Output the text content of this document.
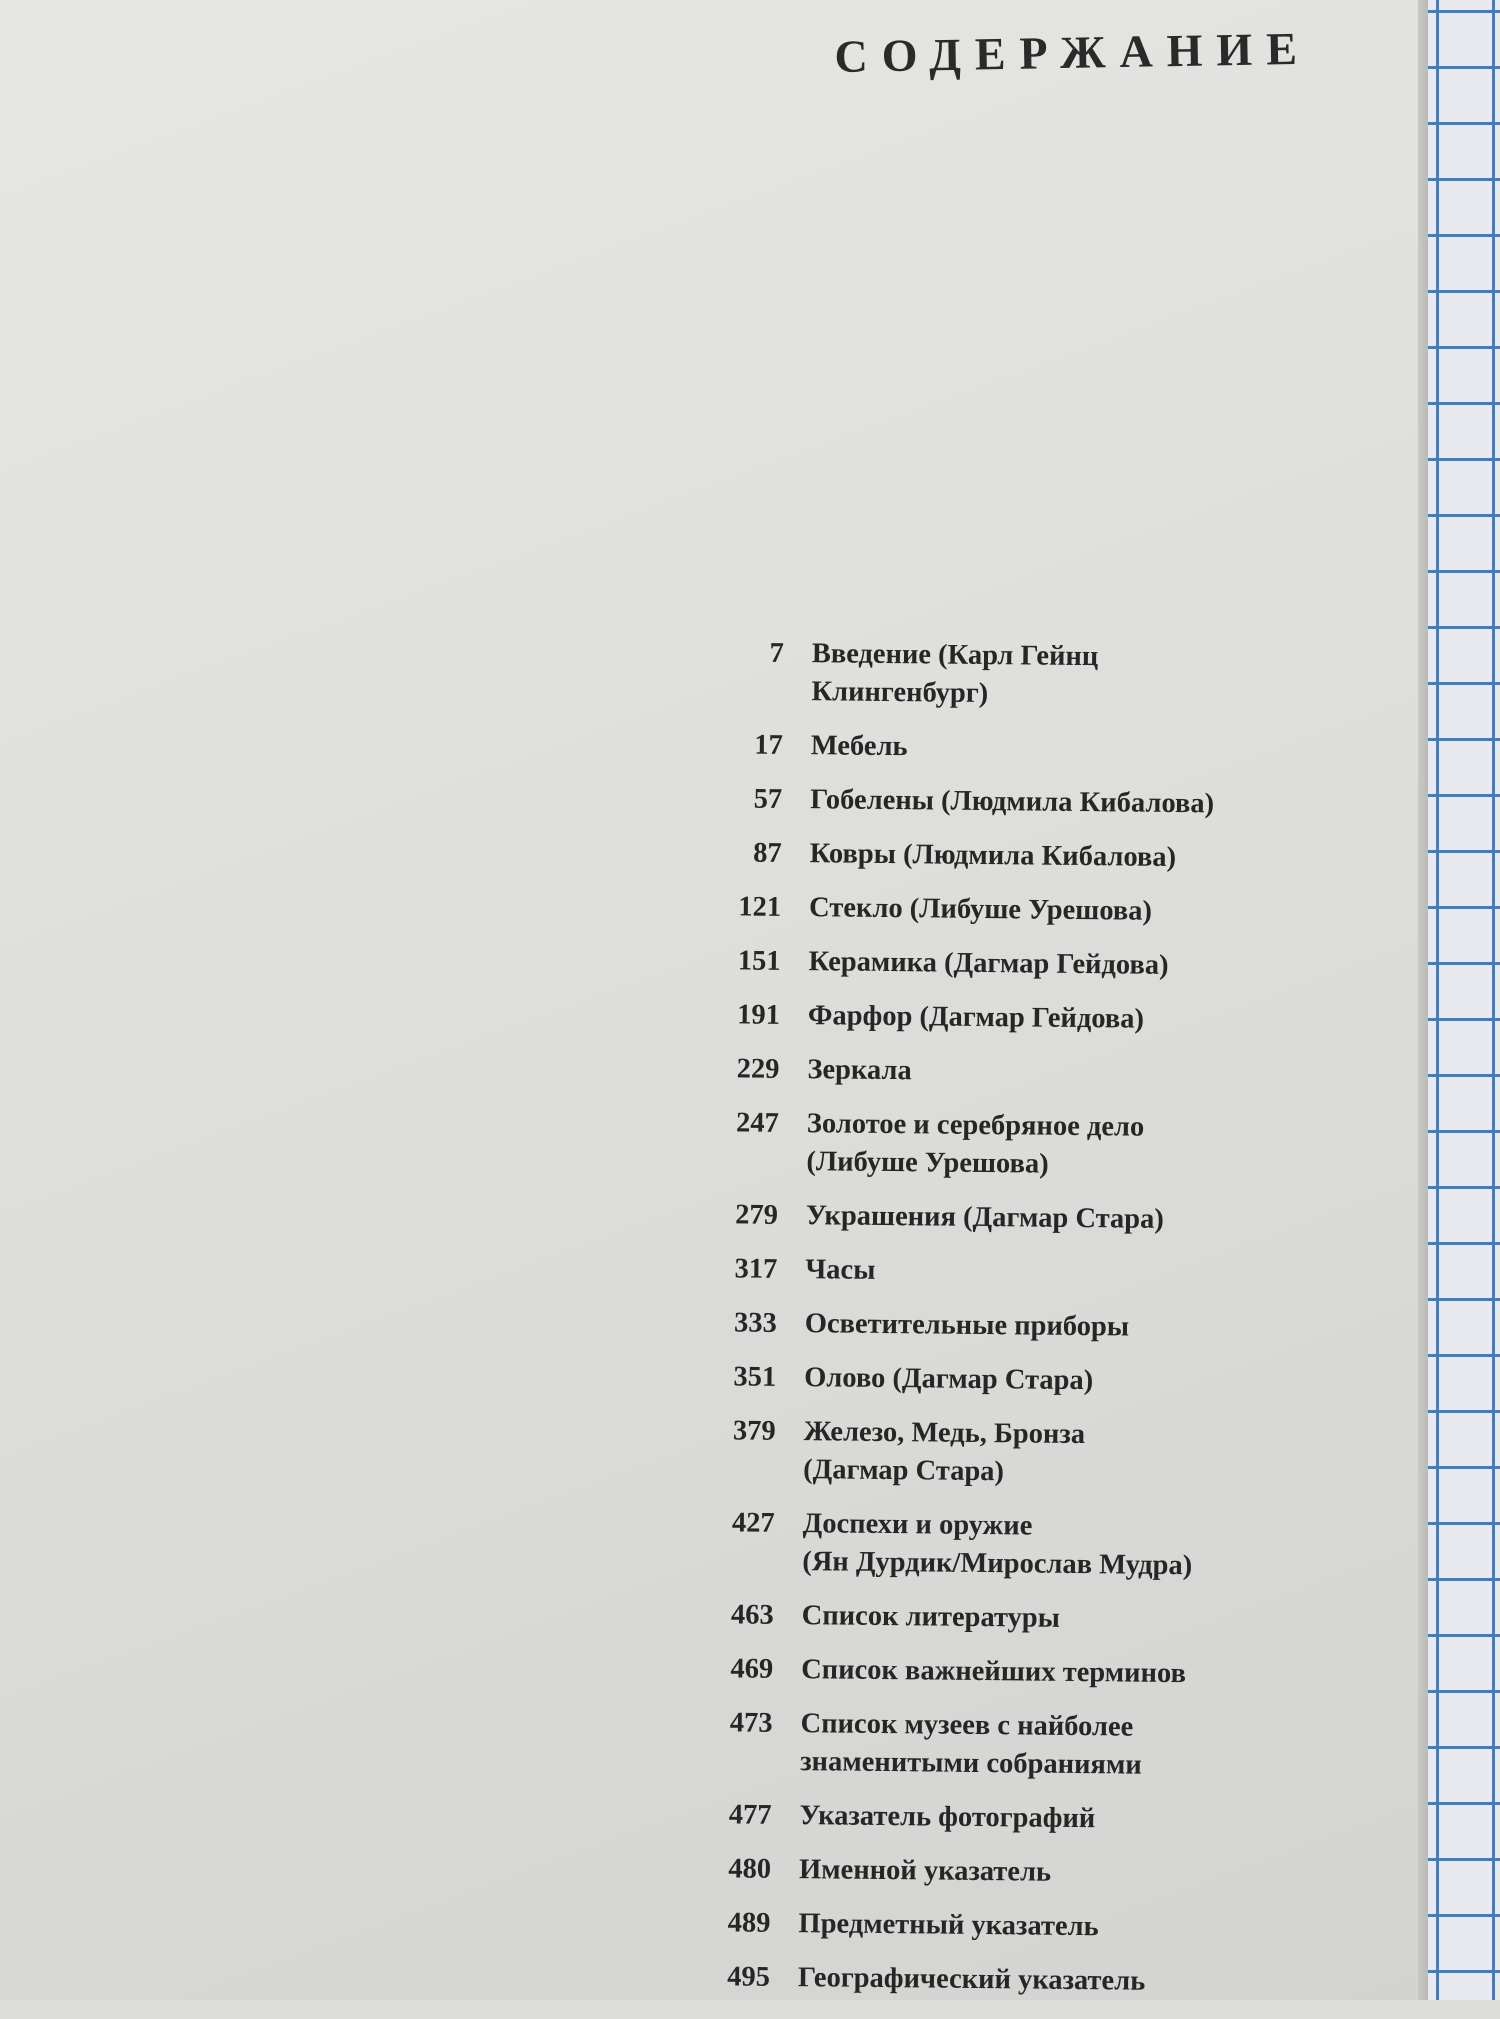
СОДЕРЖАНИЕ
7 Введение (Карл Гейнц
Клингенбург)
17 Мебель
57 Гобелены (Людмила Кибалова)
87 Ковры (Людмила Кибалова)
121 Стекло (Либуше Урешова)
151 Керамика (Дагмар Гейдова)
191 Фарфор (Дагмар Гейдова)
229 Зеркала
247 Золотое и серебряное дело
(Либуше Урешова)
279 Украшения (Дагмар Стара)
317 Часы
333 Осветительные приборы
351 Олово (Дагмар Стара)
379 Железо, Медь, Бронза
(Дагмар Стара)
427 Доспехи и оружие
(Ян Дурдик/Мирослав Мудра)
463 Список литературы
469 Список важнейших терминов
473 Список музеев с найболее
знаменитыми собраниями
477 Указатель фотографий
480 Именной указатель
489 Предметный указатель
495 Географический указатель
